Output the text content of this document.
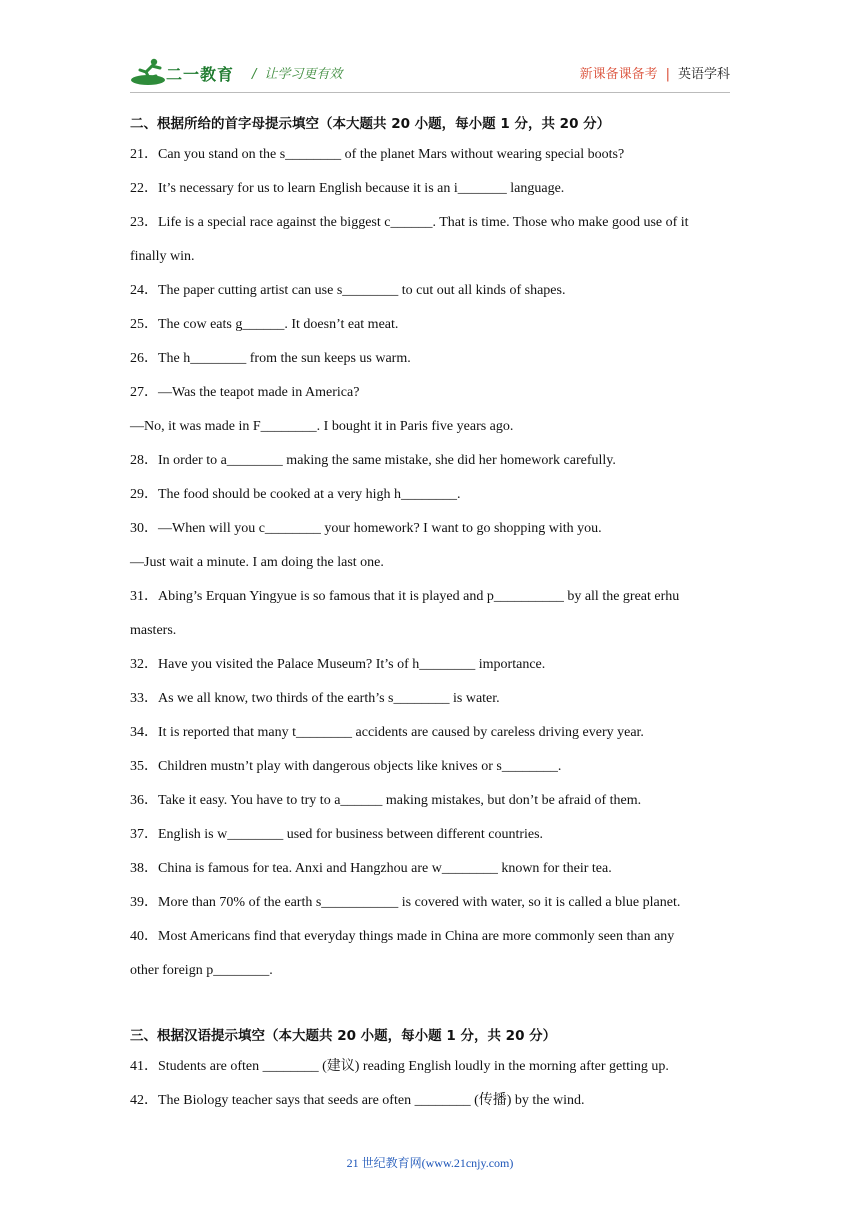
二一教育 / 让学习更有效	新课备课备考 | 英语学科
二、根据所给的首字母提示填空（本大题共 20 小题，每小题 1 分，共 20 分）
21．Can you stand on the s________ of the planet Mars without wearing special boots?
22．It’s necessary for us to learn English because it is an i_______ language.
23．Life is a special race against the biggest c______. That is time. Those who make good use of it
finally win.
24．The paper cutting artist can use s________ to cut out all kinds of shapes.
25．The cow eats g______. It doesn’t eat meat.
26．The h________ from the sun keeps us warm.
27．—Was the teapot made in America?
—No, it was made in F________. I bought it in Paris five years ago.
28．In order to a________ making the same mistake, she did her homework carefully.
29．The food should be cooked at a very high h________.
30．—When will you c________ your homework? I want to go shopping with you.
—Just wait a minute. I am doing the last one.
31．Abing’s Erquan Yingyue is so famous that it is played and p__________ by all the great erhu
masters.
32．Have you visited the Palace Museum? It’s of h________ importance.
33．As we all know, two thirds of the earth’s s________ is water.
34．It is reported that many t________ accidents are caused by careless driving every year.
35．Children mustn’t play with dangerous objects like knives or s________.
36．Take it easy. You have to try to a______ making mistakes, but don’t be afraid of them.
37．English is w________ used for business between different countries.
38．China is famous for tea. Anxi and Hangzhou are w________ known for their tea.
39．More than 70% of the earth s___________ is covered with water, so it is called a blue planet.
40．Most Americans find that everyday things made in China are more commonly seen than any
other foreign p________.
三、根据汉语提示填空（本大题共 20 小题，每小题 1 分，共 20 分）
41．Students are often ________ (建议) reading English loudly in the morning after getting up.
42．The Biology teacher says that seeds are often ________ (传播) by the wind.
21 世纪教育网(www.21cnjy.com)
